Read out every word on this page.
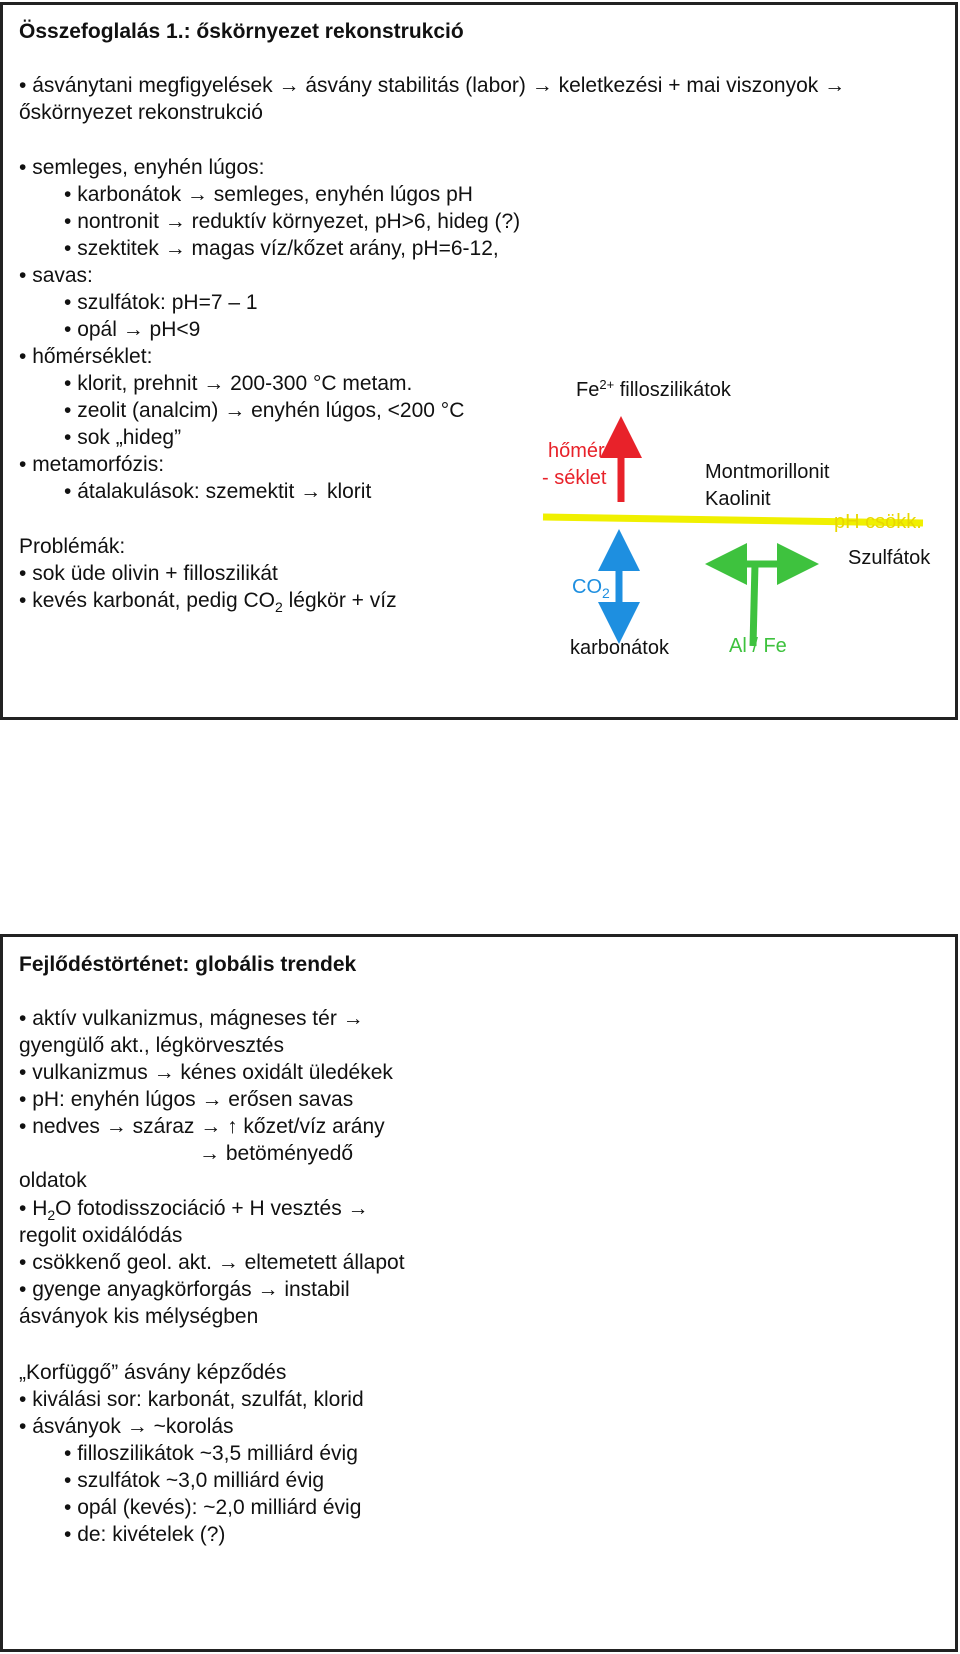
Összefoglalás 1.: őskörnyezet rekonstrukció
• ásványtani megfigyelések → ásvány stabilitás (labor) → keletkezési + mai viszonyok →
őskörnyezet rekonstrukció
• semleges, enyhén lúgos:
• karbonátok → semleges, enyhén lúgos pH
• nontronit → reduktív környezet, pH>6, hideg (?)
• szektitek → magas víz/kőzet arány, pH=6-12,
• savas:
• szulfátok: pH=7 – 1
• opál → pH<9
• hőmérséklet:
• klorit, prehnit → 200-300 °C metam.
• zeolit (analcim) → enyhén lúgos, <200 °C
• sok „hideg”
• metamorfózis:
• átalakulások: szemektit → klorit
Problémák:
• sok üde olivin + filloszilikát
• kevés karbonát, pedig $CO_2$ légkör + víz
$Fe^{2+}$ filloszilikátok
hőmér
- séklet	Montmorillonit
Kaolinit
pH csökk.
Szulfátok
$CO_2$
karbonátok	Al / Fe
Fejlődéstörténet: globális trendek
• aktív vulkanizmus, mágneses tér →
gyengülő akt., légkörvesztés
• vulkanizmus → kénes oxidált üledékek
• pH: enyhén lúgos → erősen savas
• nedves → száraz → ↑ kőzet/víz arány
→ betöményedő
oldatok
• $H_2O$ fotodisszociáció + H vesztés →
regolit oxidálódás
• csökkenő geol. akt. → eltemetett állapot
• gyenge anyagkörforgás → instabil
ásványok kis mélységben
„Korfüggő” ásvány képződés
• kiválási sor: karbonát, szulfát, klorid
• ásványok → ~korolás
• filloszilikátok ~3,5 milliárd évig
• szulfátok ~3,0 milliárd évig
• opál (kevés): ~2,0 milliárd évig
• de: kivételek (?)
